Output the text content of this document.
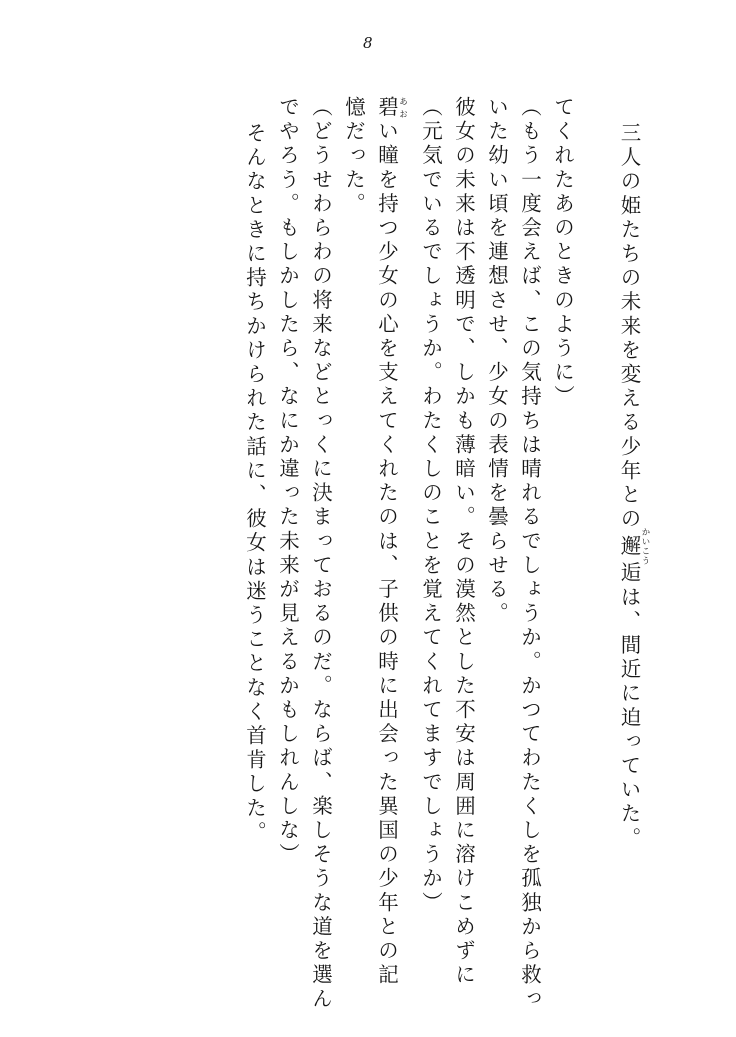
8
そんなときに持ちかけられた話に、彼女は迷うことなく首肯した。 でやろう。もしかしたら、なにか違った未来が見えるかもしれんしな） （どうせわらわの将来などとっくに決まっておるのだ。ならば、楽しそうな道を選ん 憶だった。 碧 あおい瞳を持つ少女の心を支えてくれたのは、子供の時に出会った異国の少年との記 （元気でいるでしょうか。わたくしのことを覚えてくれてますでしょうか） 彼女の未来は不透明で、しかも薄暗い。その漠然とした不安は周囲に溶けこめずに いた幼い頃を連想させ、少女の表情を曇らせる。 （もう一度会えば、この気持ちは晴れるでしょうか。かつてわたくしを孤独から救っ てくれたあのときのように） 三人の姫たちの未来を変える少年との邂 かいこう逅は、間近に迫っていた。
